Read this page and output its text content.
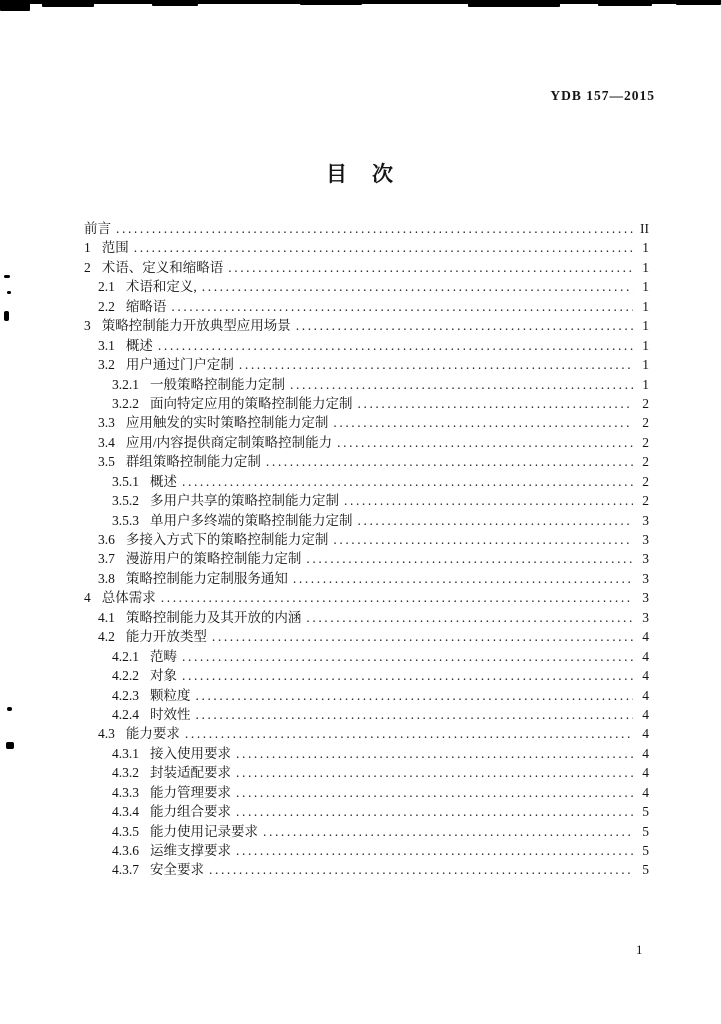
YDB 157—2015
目　次
前言 .....	II
1 范围 .....	1
2 术语、定义和缩略语 .....	1
2.1 术语和定义, .....	1
2.2 缩略语 .....	1
3 策略控制能力开放典型应用场景 .....	1
3.1 概述 .....	1
3.2 用户通过门户定制 .....	1
3.2.1 一般策略控制能力定制 .....	1
3.2.2 面向特定应用的策略控制能力定制 .....	2
3.3 应用触发的实时策略控制能力定制 .....	2
3.4 应用/内容提供商定制策略控制能力 .....	2
3.5 群组策略控制能力定制 .....	2
3.5.1 概述 .....	2
3.5.2 多用户共享的策略控制能力定制 .....	2
3.5.3 单用户多终端的策略控制能力定制 .....	3
3.6 多接入方式下的策略控制能力定制 .....	3
3.7 漫游用户的策略控制能力定制 .....	3
3.8 策略控制能力定制服务通知 .....	3
4 总体需求 .....	3
4.1 策略控制能力及其开放的内涵 .....	3
4.2 能力开放类型 .....	4
4.2.1 范畴 .....	4
4.2.2 对象 .....	4
4.2.3 颗粒度 .....	4
4.2.4 时效性 .....	4
4.3 能力要求 .....	4
4.3.1 接入使用要求 .....	4
4.3.2 封装适配要求 .....	4
4.3.3 能力管理要求 .....	4
4.3.4 能力组合要求 .....	5
4.3.5 能力使用记录要求 .....	5
4.3.6 运维支撑要求 .....	5
4.3.7 安全要求 .....	5
1
